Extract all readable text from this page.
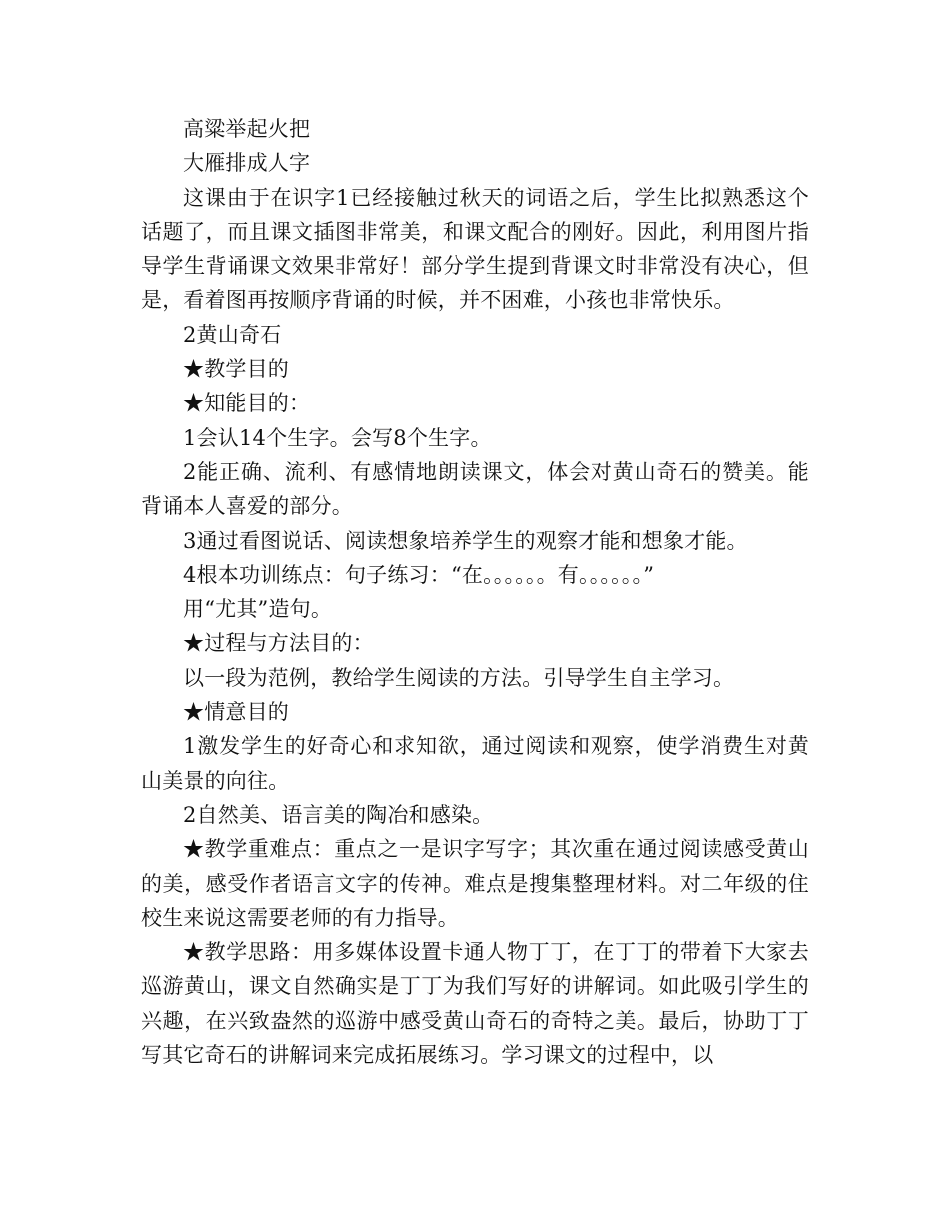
高粱举起火把

大雁排成人字

这课由于在识字1已经接触过秋天的词语之后，学生比拟熟悉这个话题了，而且课文插图非常美，和课文配合的刚好。因此，利用图片指导学生背诵课文效果非常好！部分学生提到背课文时非常没有决心，但是，看着图再按顺序背诵的时候，并不困难，小孩也非常快乐。

2黄山奇石

★教学目的

★知能目的：

1会认14个生字。会写8个生字。

2能正确、流利、有感情地朗读课文，体会对黄山奇石的赞美。能背诵本人喜爱的部分。

3通过看图说话、阅读想象培养学生的观察才能和想象才能。

4根本功训练点：句子练习：“在。。。。。。有。。。。。。”

用“尤其”造句。

★过程与方法目的：

以一段为范例，教给学生阅读的方法。引导学生自主学习。

★情意目的

1激发学生的好奇心和求知欲，通过阅读和观察，使学消费生对黄山美景的向往。

2自然美、语言美的陶冶和感染。

★教学重难点：重点之一是识字写字；其次重在通过阅读感受黄山的美，感受作者语言文字的传神。难点是搜集整理材料。对二年级的住校生来说这需要老师的有力指导。

★教学思路：用多媒体设置卡通人物丁丁，在丁丁的带着下大家去巡游黄山，课文自然确实是丁丁为我们写好的讲解词。如此吸引学生的兴趣，在兴致盎然的巡游中感受黄山奇石的奇特之美。最后，协助丁丁写其它奇石的讲解词来完成拓展练习。学习课文的过程中，以
